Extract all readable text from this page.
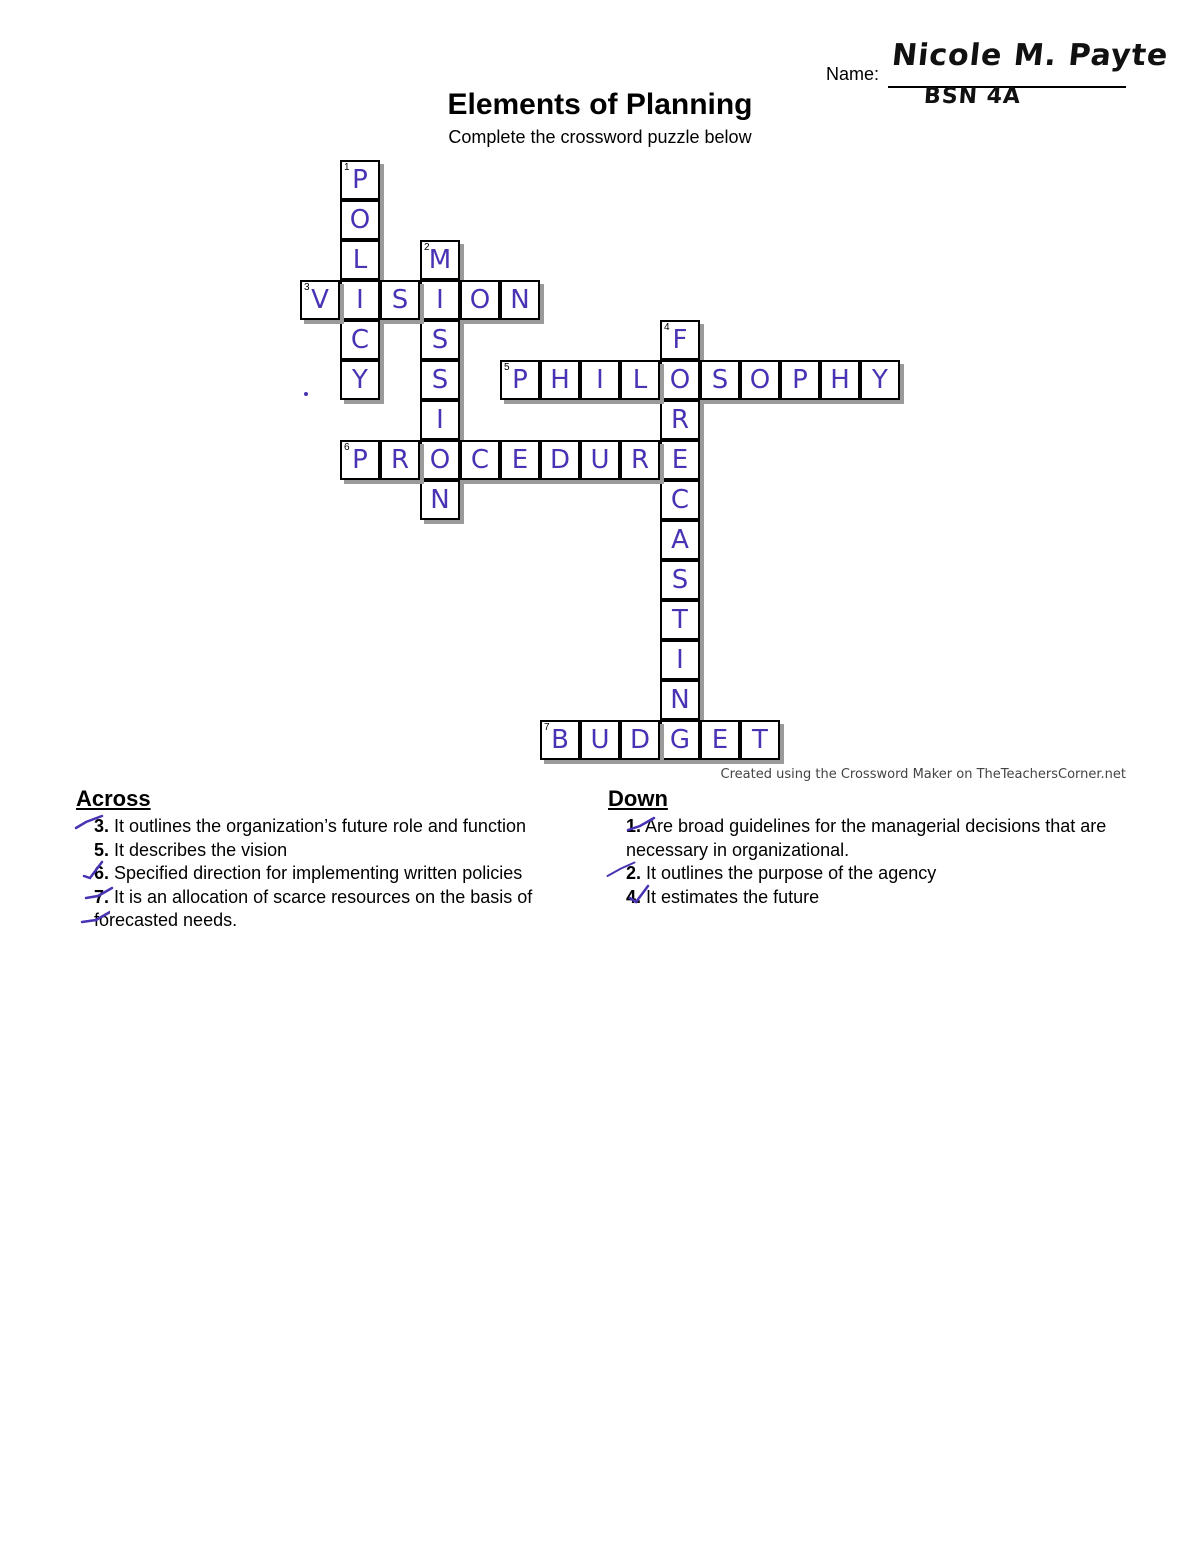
Name:
Nicole M. Payte
BSN 4A
Elements of Planning
Complete the crossword puzzle below
1 P
O
L
I
C
Y
2 M
I
S
S
I
O
N
3 V	S	O N
4 F
O
R
E
C
A
S
T
I
N
G
5 P H	I	L	S O P H Y
6 P R	C E D U R
7 B U D	E T
Created using the Crossword Maker on TheTeachersCorner.net
Across
3. It outlines the organization’s future role and function
5. It describes the vision
6. Specified direction for implementing written policies
7. It is an allocation of scarce resources on the basis of forecasted needs.
Down
1. Are broad guidelines for the managerial decisions that are necessary in organizational.
2. It outlines the purpose of the agency
4. It estimates the future
